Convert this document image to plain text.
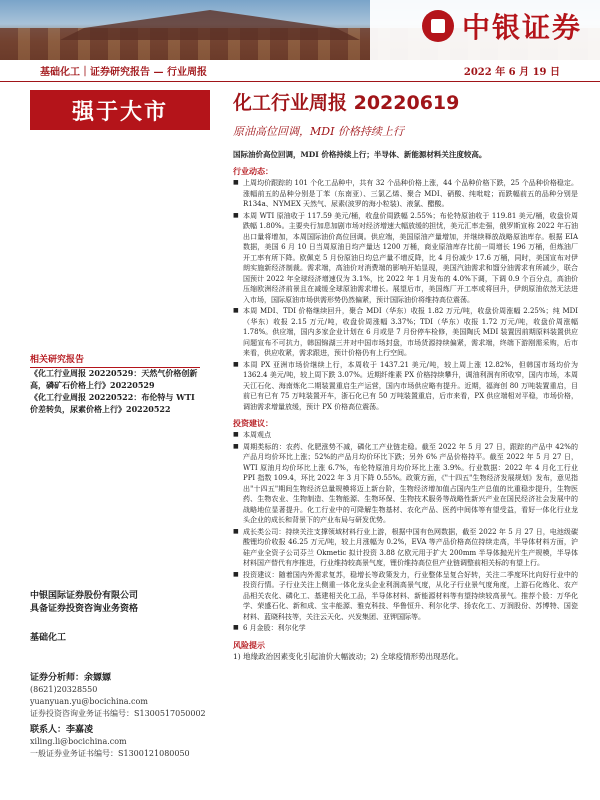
中银证券
基础化工｜证券研究报告 — 行业周报	2022 年 6 月 19 日
强于大市
相关研究报告
《化工行业周报 20220529：天然气价格创新高，磷矿石价格上行》20220529
《化工行业周报 20220522：布伦特与 WTI 价差转负，尿素价格上行》20220522
中银国际证券股份有限公司
具备证券投资咨询业务资格
基础化工
证券分析师：余嫄嫄
(8621)20328550
yuanyuan.yu@bocichina.com
证券投资咨询业务证书编号：S1300517050002
联系人：李嘉凌
xiling.li@bocichina.com
一般证券业务证书编号：S1300121080050
化工行业周报 20220619
原油高位回调，MDI 价格持续上行
国际油价高位回调，MDI 价格持续上行；半导体、新能源材料关注度较高。
行业动态：
■ 上周均价跟踪的 101 个化工品种中，共有 32 个品种价格上涨，44 个品种价格下跌，25 个品种价格稳定。涨幅前五的品种分别是丁苯（东南亚）、三氯乙烯、聚合 MDI、硝酸、纯吡啶；而跌幅前五的品种分别是 R134a、NYMEX 天然气、尿素(波罗的海小粒装)、液氯、醋酸。
■ 本周 WTI 原油收于 117.59 美元/桶，收盘价周跌幅 2.55%；布伦特原油收于 119.81 美元/桶，收盘价周跌幅 1.80%。主要央行加息加剧市场对经济增速大幅放缓的担忧，美元汇率走强，俄罗斯宣称 2022 年石油出口量将增加，本周国际油价高位回调。供应端，美国原油产量增加，并继续释放战略原油库存。根据 EIA 数据，美国 6 月 10 日当周原油日均产量达 1200 万桶，商业原油库存比前一周增长 196 万桶，但炼油厂开工率有所下降。欧佩克 5 月份原油日均总产量不增反降，比 4 月份减少 17.6 万桶，同时，美国宣布对伊朗实施新经济制裁。需求端，高油价对消费端的影响开始显现，美国汽油需求和馏分油需求有所减少，联合国预计 2022 年全球经济增速仅为 3.1%，比 2022 年 1 月发布的 4.0%下调，下调 0.9 个百分点，高油价压缩欧洲经济前景且在减缓全球原油需求增长。展望后市，美国炼厂开工率或将回升，伊朗原油依然无法进入市场，国际原油市场供需形势仍然偏紧，预计国际油价将维持高位震荡。
■ 本周 MDI、TDI 价格继续回升，聚合 MDI（华东）收报 1.82 万元/吨，收盘价周涨幅 2.25%；纯 MDI（华东）收报 2.15 万元/吨，收盘价周涨幅 3.37%；TDI（华东）收报 1.72 万元/吨，收盘价周涨幅 1.78%。供应端，国内多家企业计划在 6 月或是 7 月份停车检修，美国陶氏 MDI 装置因前期原料装置供应问题宣布不可抗力，韩国锦湖三井对中国市场封盘，市场货源持续偏紧，需求端，终端下游刚需采购，后市来看，供应收紧，需求跟进，预计价格仍有上行空间。
■ 本周 PX 亚洲市场价继续上行，本周收于 1437.21 美元/吨，较上周上涨 12.82%，但韩国市场均价为 1362.4 美元/吨，较上周下跌 3.07%。近期纤维素 PX 价格持续攀升，调油利润有所收窄，国内市场，本周天江石化、海南炼化二期装置重启生产运营，国内市场供应略有提升。近期，福海创 80 万吨装置重启，目前已有已有 75 万吨装置开车，浙石化已有 50 万吨装置重启，后市来看，PX 供应端相对平稳，市场价格，调油需求增量放缓，预计 PX 价格高位震荡。
投资建议：
■ 本周观点
■ 周期类标的：农药、化肥涨势不减，磷化工产业链走稳。截至 2022 年 5 月 27 日，跟踪的产品中 42%的产品月均价环比上涨；52%的产品月均价环比下跌；另外 6% 产品价格持平。截至 2022 年 5 月 27 日，WTI 原油月均价环比上涨 6.7%，布伦特原油月均价环比上涨 3.9%。行业数据：2022 年 4 月化工行业 PPI 指数 109.4，环比 2022 年 3 月下降 0.55%。政策方面，《"十四五"生物经济发展规划》发布，意见指出"十四五"期间生物经济总量规模将迈上新台阶，生物经济增加值占国内生产总值的比重稳步提升，生物医药、生物农业、生物制造、生物能源、生物环保、生物技术服务等战略性新兴产业在国民经济社会发展中的战略地位显著提升。化工行业中的可降解生物基材、农化产品、医药中间体等有望受益，看好一体化行业龙头企业的成长和背景下的产业布局与研发优势。
■ 成长类公司：持续关注支撑领域材料行业上游，根据中国有色网数据，截至 2022 年 5 月 27 日，电池级碳酸锂均价收报 46.25 万元/吨，较上月涨幅为 0.2%，EVA 等产品价格高位持续走高，半导体材料方面，沪硅产业全资子公司芬兰 Okmetic 拟计投资 3.88 亿欧元用于扩大 200mm 半导体抛光片生产规模，半导体材料国产替代有序推进，行业维持较高景气度，锂价维持高位但产业链调整前相关标的有望上行。
■ 投资建议：随着国内外需求复苏，稳增长等政策发力，行业整体呈复合好转，关注二季度环比向好行业中的投资行情。子行业关注上侧重一体化龙头企业利润高景气度，从化子行业景气度角度，上游石化炼化、农产品相关农化、磷化工、基建相关化工品，半导体材料、新能源材料等有望持续较高景气。推荐个股：万华化学、荣盛石化、新和成、宝丰能源、雅克科技、华鲁恒升、利尔化学、扬农化工、万润股份、苏博特、国瓷材料、蓝晓科技等，关注云天化、兴发集团、亚钾国际等。
■ 6 月金股：利尔化学
风险提示
1) 地缘政治因素变化引起油价大幅波动；2) 全球疫情形势出现恶化。
